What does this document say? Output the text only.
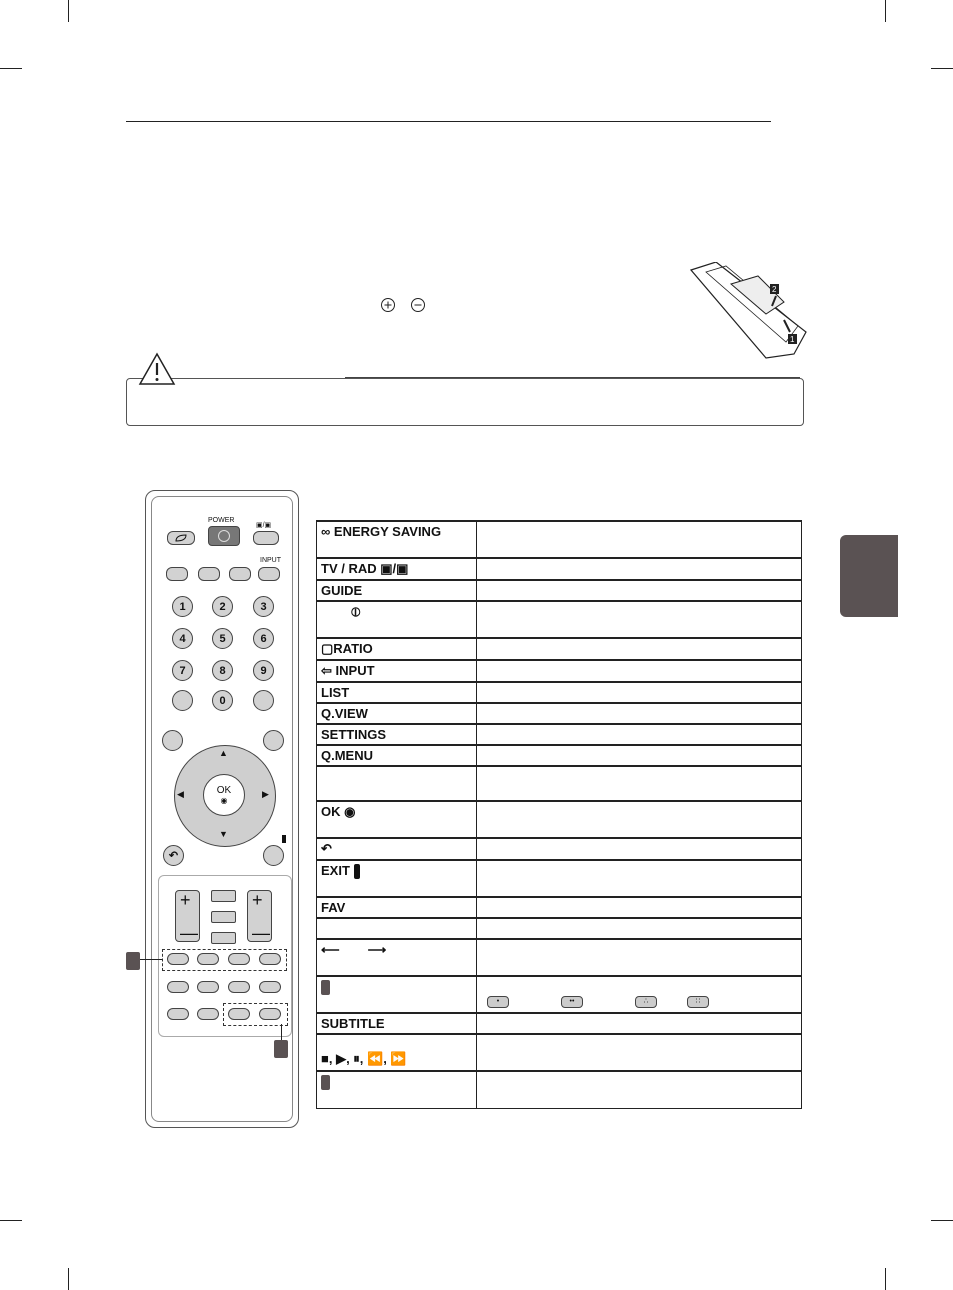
2
1
POWER
▣/▣
INPUT
1	2	3
4	5	6
7	8	9
0
▲
▼
◀	▶
OK
◉
↶
+
—
+
—
∞ ENERGY SAVING	
TV / RAD ▣/▣	
GUIDE	
⦶	
▢RATIO	
⇦ INPUT	
LIST	
Q.VIEW	
SETTINGS	
Q.MENU	

OK ◉	
↶	
EXIT	
FAV	

⟵ ⟶	

• •• ∴ ∷
SUBTITLE	

■, ▶, ⏸, ⏪, ⏩	
